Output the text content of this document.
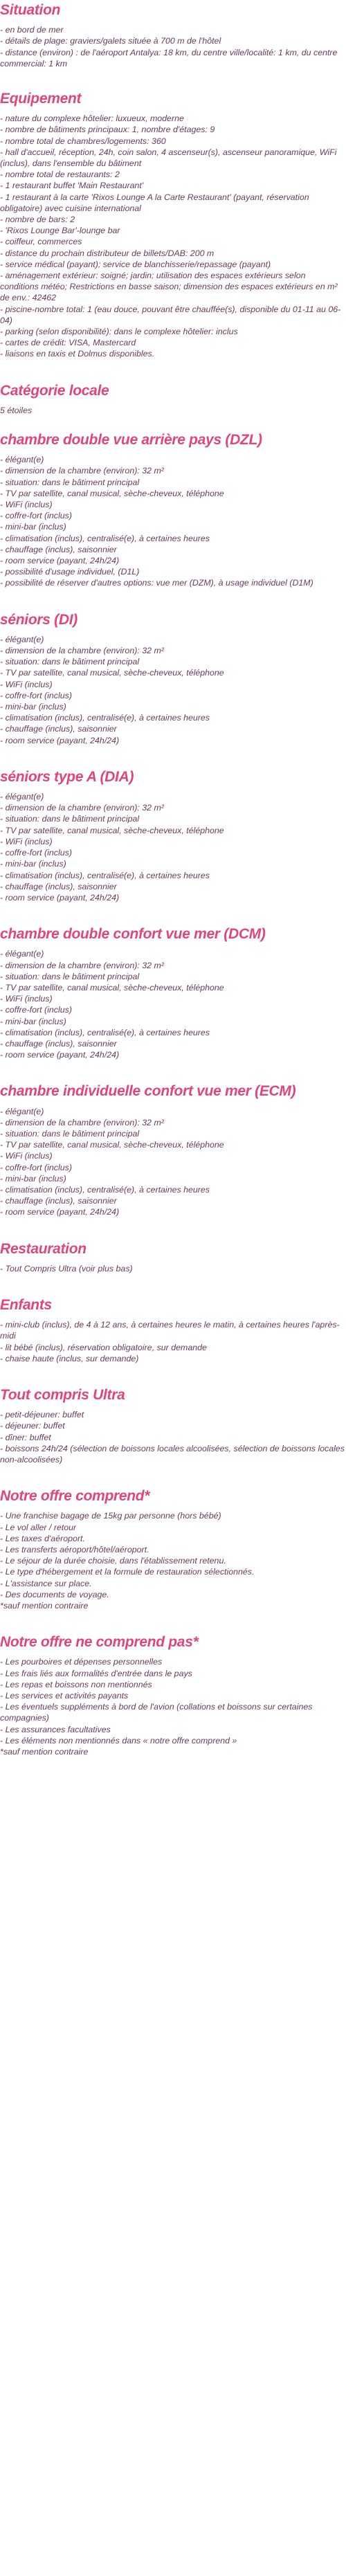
Situation
- en bord de mer
- détails de plage: graviers/galets située à 700 m de l'hôtel
- distance (environ) : de l'aéroport Antalya: 18 km, du centre ville/localité: 1 km, du centre commercial: 1 km
Equipement
- nature du complexe hôtelier: luxueux, moderne
- nombre de bâtiments principaux: 1, nombre d'étages: 9
- nombre total de chambres/logements: 360
- hall d'accueil, réception, 24h, coin salon, 4 ascenseur(s), ascenseur panoramique, WiFi (inclus), dans l'ensemble du bâtiment
- nombre total de restaurants: 2
- 1 restaurant buffet 'Main Restaurant'
- 1 restaurant à la carte 'Rixos Lounge A la Carte Restaurant' (payant, réservation obligatoire) avec cuisine international
- nombre de bars: 2
- 'Rixos Lounge Bar'-lounge bar
- coiffeur, commerces
- distance du prochain distributeur de billets/DAB: 200 m
- service médical (payant); service de blanchisserie/repassage (payant)
- aménagement extérieur: soigné; jardin; utilisation des espaces extérieurs selon conditions météo; Restrictions en basse saison; dimension des espaces extérieurs en m² de env.: 42462
- piscine-nombre total: 1 (eau douce, pouvant être chauffée(s), disponible du 01-11 au 06-04)
- parking (selon disponibilité): dans le complexe hôtelier: inclus
- cartes de crédit: VISA, Mastercard
- liaisons en taxis et Dolmus disponibles.
Catégorie locale
5 étoiles
chambre double vue arrière pays (DZL)
- élégant(e)
- dimension de la chambre (environ): 32 m²
- situation: dans le bâtiment principal
- TV par satellite, canal musical, sèche-cheveux, téléphone
- WiFi (inclus)
- coffre-fort (inclus)
- mini-bar (inclus)
- climatisation (inclus), centralisé(e), à certaines heures
- chauffage (inclus), saisonnier
- room service (payant, 24h/24)
- possibilité d'usage individuel, (D1L)
- possibilité de réserver d'autres options: vue mer (DZM), à usage individuel (D1M)
séniors (DI)
- élégant(e)
- dimension de la chambre (environ): 32 m²
- situation: dans le bâtiment principal
- TV par satellite, canal musical, sèche-cheveux, téléphone
- WiFi (inclus)
- coffre-fort (inclus)
- mini-bar (inclus)
- climatisation (inclus), centralisé(e), à certaines heures
- chauffage (inclus), saisonnier
- room service (payant, 24h/24)
séniors type A (DIA)
- élégant(e)
- dimension de la chambre (environ): 32 m²
- situation: dans le bâtiment principal
- TV par satellite, canal musical, sèche-cheveux, téléphone
- WiFi (inclus)
- coffre-fort (inclus)
- mini-bar (inclus)
- climatisation (inclus), centralisé(e), à certaines heures
- chauffage (inclus), saisonnier
- room service (payant, 24h/24)
chambre double confort vue mer (DCM)
- élégant(e)
- dimension de la chambre (environ): 32 m²
- situation: dans le bâtiment principal
- TV par satellite, canal musical, sèche-cheveux, téléphone
- WiFi (inclus)
- coffre-fort (inclus)
- mini-bar (inclus)
- climatisation (inclus), centralisé(e), à certaines heures
- chauffage (inclus), saisonnier
- room service (payant, 24h/24)
chambre individuelle confort vue mer (ECM)
- élégant(e)
- dimension de la chambre (environ): 32 m²
- situation: dans le bâtiment principal
- TV par satellite, canal musical, sèche-cheveux, téléphone
- WiFi (inclus)
- coffre-fort (inclus)
- mini-bar (inclus)
- climatisation (inclus), centralisé(e), à certaines heures
- chauffage (inclus), saisonnier
- room service (payant, 24h/24)
Restauration
- Tout Compris Ultra (voir plus bas)
Enfants
- mini-club (inclus), de 4 à 12 ans, à certaines heures le matin, à certaines heures l'après-midi
- lit bébé (inclus), réservation obligatoire, sur demande
- chaise haute (inclus, sur demande)
Tout compris Ultra
- petit-déjeuner: buffet
- déjeuner: buffet
- dîner: buffet
- boissons 24h/24 (sélection de boissons locales alcoolisées, sélection de boissons locales non-alcoolisées)
Notre offre comprend*
- Une franchise bagage de 15kg par personne (hors bébé)
- Le vol aller / retour
- Les taxes d'aéroport.
- Les transferts aéroport/hôtel/aéroport.
- Le séjour de la durée choisie, dans l'établissement retenu.
- Le type d'hébergement et la formule de restauration sélectionnés.
- L'assistance sur place.
- Des documents de voyage.
*sauf mention contraire
Notre offre ne comprend pas*
- Les pourboires et dépenses personnelles
- Les frais liés aux formalités d'entrée dans le pays
- Les repas et boissons non mentionnés
- Les services et activités payants
- Les éventuels suppléments à bord de l'avion (collations et boissons sur certaines compagnies)
- Les assurances facultatives
- Les éléments non mentionnés dans « notre offre comprend »
*sauf mention contraire
